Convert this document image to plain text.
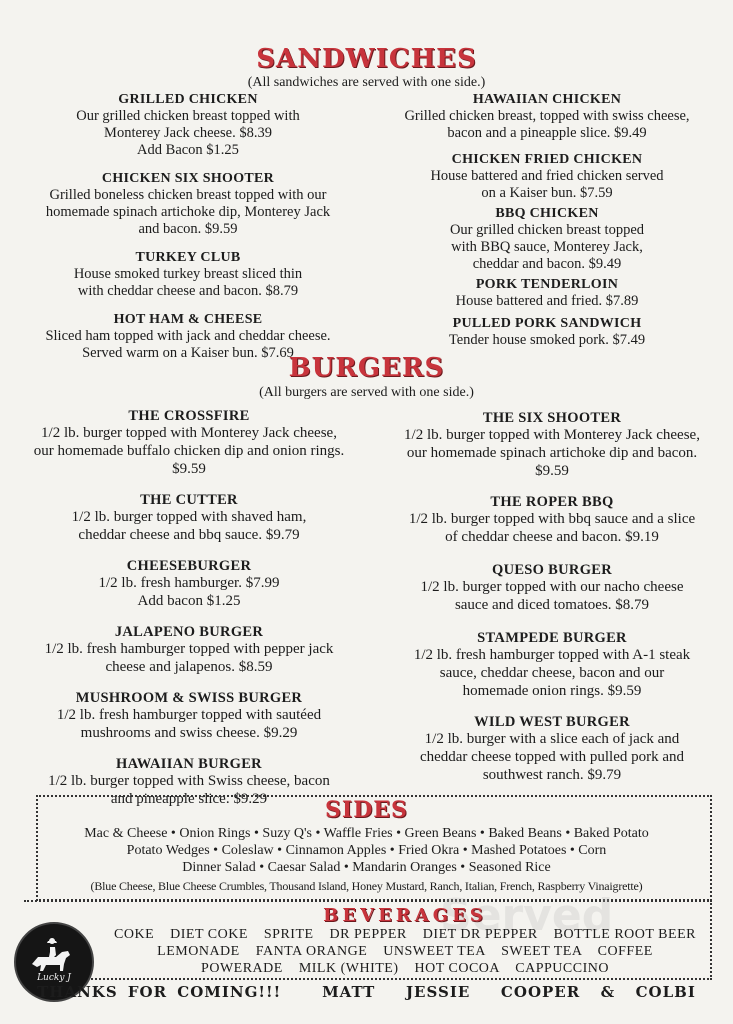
SANDWICHES
(All sandwiches are served with one side.)
GRILLED CHICKEN
Our grilled chicken breast topped with
Monterey Jack cheese. $8.39
Add Bacon $1.25
CHICKEN SIX SHOOTER
Grilled boneless chicken breast topped with our
homemade spinach artichoke dip, Monterey Jack
and bacon. $9.59
TURKEY CLUB
House smoked turkey breast sliced thin
with cheddar cheese and bacon. $8.79
HOT HAM & CHEESE
Sliced ham topped with jack and cheddar cheese.
Served warm on a Kaiser bun. $7.69
HAWAIIAN CHICKEN
Grilled chicken breast, topped with swiss cheese,
bacon and a pineapple slice. $9.49
CHICKEN FRIED CHICKEN
House battered and fried chicken served
on a Kaiser bun. $7.59
BBQ CHICKEN
Our grilled chicken breast topped
with BBQ sauce, Monterey Jack,
cheddar and bacon. $9.49
PORK TENDERLOIN
House battered and fried. $7.89
PULLED PORK SANDWICH
Tender house smoked pork. $7.49
BURGERS
(All burgers are served with one side.)
THE CROSSFIRE
1/2 lb. burger topped with Monterey Jack cheese,
our homemade buffalo chicken dip and onion rings.
$9.59
THE CUTTER
1/2 lb. burger topped with shaved ham,
cheddar cheese and bbq sauce. $9.79
CHEESEBURGER
1/2 lb. fresh hamburger. $7.99
Add bacon $1.25
JALAPENO BURGER
1/2 lb. fresh hamburger topped with pepper jack
cheese and jalapenos. $8.59
MUSHROOM & SWISS BURGER
1/2 lb. fresh hamburger topped with sautéed
mushrooms and swiss cheese. $9.29
HAWAIIAN BURGER
1/2 lb. burger topped with Swiss cheese, bacon
and pineapple slice. $9.29
THE SIX SHOOTER
1/2 lb. burger topped with Monterey Jack cheese,
our homemade spinach artichoke dip and bacon.
$9.59
THE ROPER BBQ
1/2 lb. burger topped with bbq sauce and a slice
of cheddar cheese and bacon. $9.19
QUESO BURGER
1/2 lb. burger topped with our nacho cheese
sauce and diced tomatoes. $8.79
STAMPEDE BURGER
1/2 lb. fresh hamburger topped with A-1 steak
sauce, cheddar cheese, bacon and our
homemade onion rings. $9.59
WILD WEST BURGER
1/2 lb. burger with a slice each of jack and
cheddar cheese topped with pulled pork and
southwest ranch. $9.79
SIDES
Mac & Cheese • Onion Rings • Suzy Q's • Waffle Fries • Green Beans • Baked Beans • Baked Potato
Potato Wedges • Coleslaw • Cinnamon Apples • Fried Okra • Mashed Potatoes • Corn
Dinner Salad • Caesar Salad • Mandarin Oranges • Seasoned Rice
(Blue Cheese, Blue Cheese Crumbles, Thousand Island, Honey Mustard, Ranch, Italian, French, Raspberry Vinaigrette)
Served
BEVERAGES
COKE    DIET COKE    SPRITE    DR PEPPER    DIET DR PEPPER    BOTTLE ROOT BEER
LEMONADE    FANTA ORANGE    UNSWEET TEA    SWEET TEA    COFFEE
POWERADE    MILK (WHITE)    HOT COCOA    CAPPUCCINO
Lucky J
THANKS FOR COMING!!!    MATT   JESSIE   COOPER  &  COLBI
